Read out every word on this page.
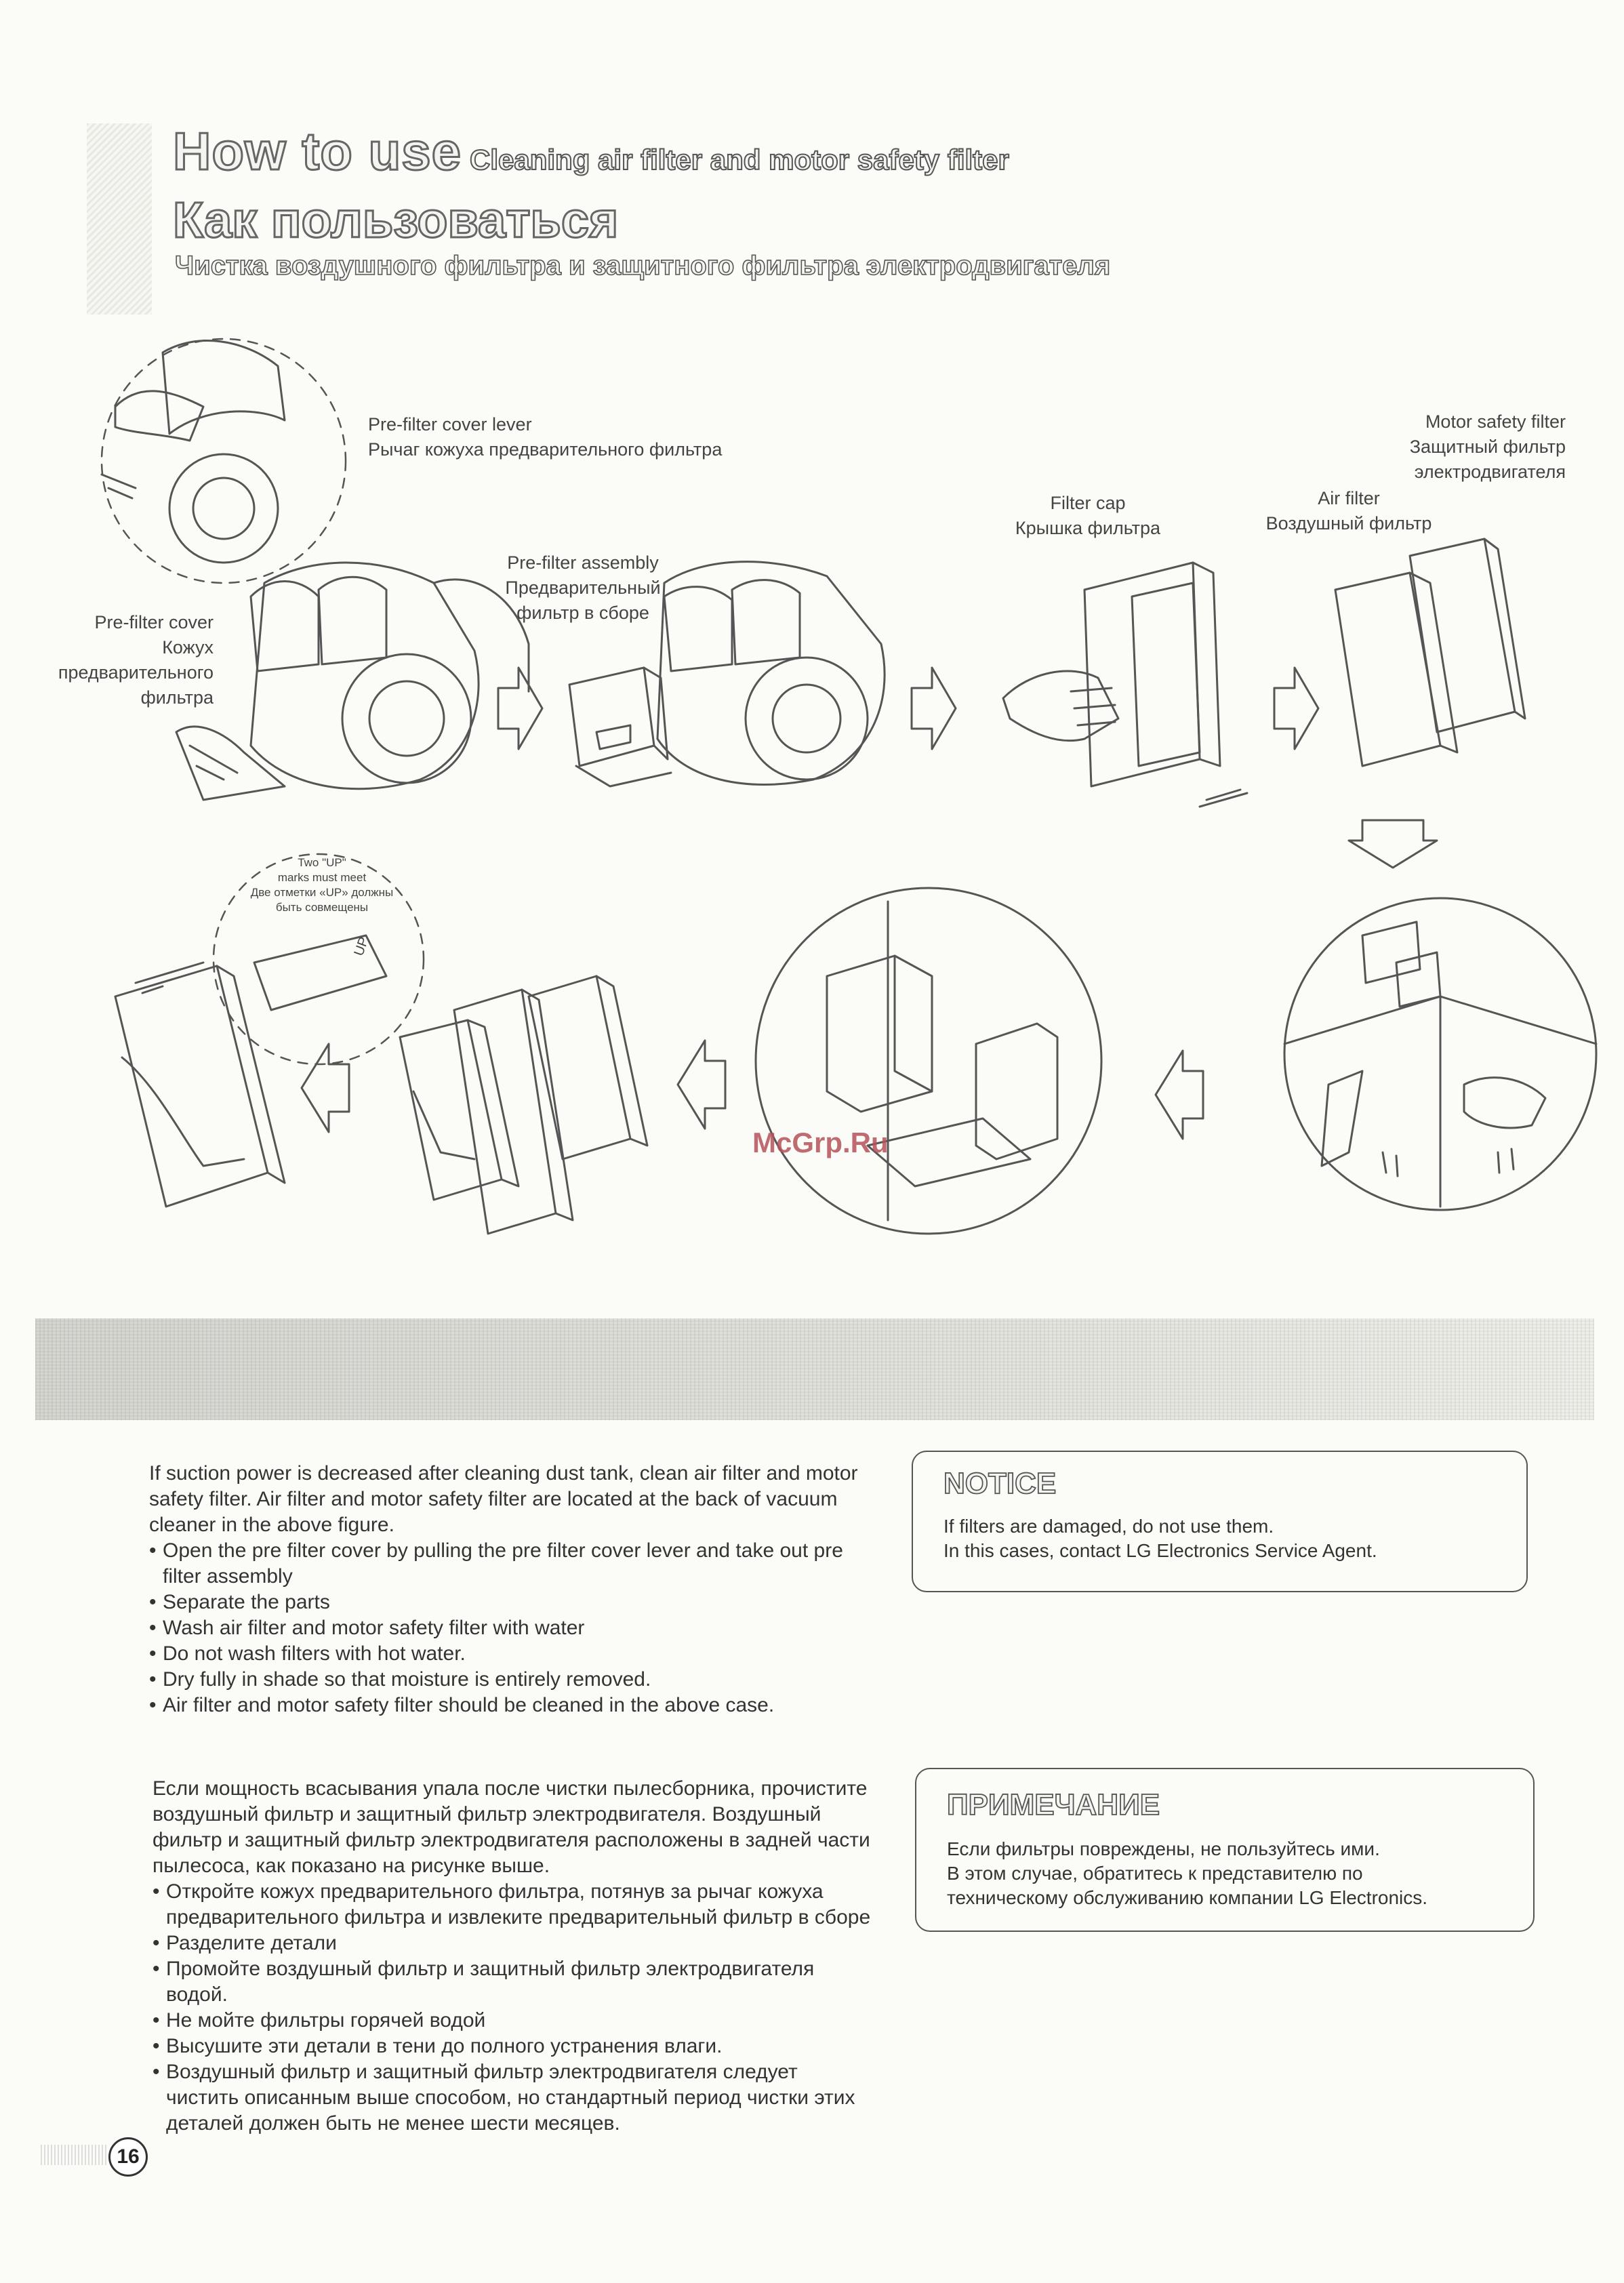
How to use Cleaning air filter and motor safety filter
Как пользоваться
Чистка воздушного фильтра и защитного фильтра электродвигателя
Pre-filter cover lever
Рычаг кожуха предварительного фильтра
Pre-filter cover
Кожух
предварительного
фильтра
Pre-filter assembly
Предварительный
фильтр в сборе
Filter cap
Крышка фильтра
Air filter
Воздушный фильтр
Motor safety filter
Защитный фильтр
электродвигателя
Two "UP"
marks must meet
Две отметки «UP» должны
быть совмещены
UP
McGrp.Ru

If suction power is decreased after cleaning dust tank, clean air filter and motor safety filter. Air filter and motor safety filter are located at the back of vacuum cleaner in the above figure.

• Open the pre filter cover by pulling the pre filter cover lever and take out pre filter assembly
• Separate the parts
• Wash air filter and motor safety filter with water
• Do not wash filters with hot water.
• Dry fully in shade so that moisture is entirely removed.
• Air filter and motor safety filter should be cleaned in the above case.

Если мощность всасывания упала после чистки пылесборника, прочистите воздушный фильтр и защитный фильтр электродвигателя. Воздушный фильтр и защитный фильтр электродвигателя расположены в задней части пылесоса, как показано на рисунке выше.

• Откройте кожух предварительного фильтра, потянув за рычаг кожуха предварительного фильтра и извлеките предварительный фильтр в сборе
• Разделите детали
• Промойте воздушный фильтр и защитный фильтр электродвигателя водой.
• Не мойте фильтры горячей водой
• Высушите эти детали в тени до полного устранения влаги.
• Воздушный фильтр и защитный фильтр электродвигателя следует чистить описанным выше способом, но стандартный период чистки этих деталей должен быть не менее шести месяцев.
NOTICE
If filters are damaged, do not use them.
In this cases, contact LG Electronics Service Agent.
ПРИМЕЧАНИЕ
Если фильтры повреждены, не пользуйтесь ими.
В этом случае, обратитесь к представителю по
техническому обслуживанию компании LG Electronics.
16
